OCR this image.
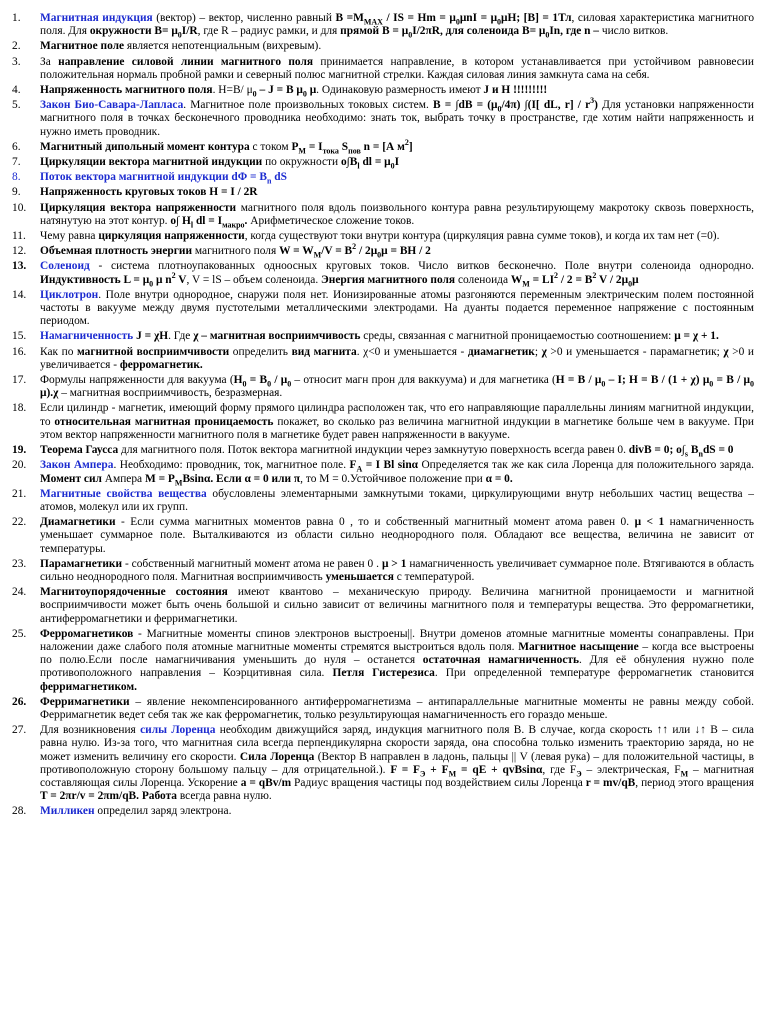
1.	Магнитная индукция (вектор) – вектор, численно равный $B =M_{MAX}$ / IS = $Hm = \mu_0\mu nI = \mu_0\mu H$; [B] = 1Тл, силовая характеристика магнитного поля. Для окружности $B= \mu_0I/R$, где R – радиус рамки, и для прямой $B = \mu_0I/2\pi R$, для соленоида $B= \mu_0In$, где n – число витков.
2.	Магнитное поле является непотенциальным (вихревым).
3.	За направление силовой линии магнитного поля принимается направление, в котором устанавливается при устойчивом равновесии положительная нормаль пробной рамки и северный полюс магнитной стрелки. Каждая силовая линия замкнута сама на себя.
4.	Напряженность магнитного поля. H=B/ $\mu_0 - J = B$ $\mu_0$ μ. Одинаковую размерность имеют J и H !!!!!!!!!
5.	Закон Био-Савара-Лапласа. Магнитное поле произвольных токовых систем. $B = \int dB = (\mu_0/4\pi)$ ∫(I[ dL, $r] / r^3$) Для установки напряженности магнитного поля в точках бесконечного проводника необходимо: знать ток, выбрать точку в пространстве, где хотим найти напряженность и нужно иметь проводник.
6.	Магнитный дипольный момент контура с током $P_M = I_{тока}$ $S_{пов}$ n = [А $м^2$]
7.	Циркуляции вектора магнитной индукции по окружности $o\int B_l$ dl = $\mu_0I$
8.	Поток вектора магнитной индукции $d\Phi = B_n$ dS
9.	Напряженность круговых токов H = I / 2R
10.	Циркуляция вектора напряженности магнитного поля вдоль поизвольного контура равна результирующему макротоку сквозь поверхность, натянутую на этот контур. o∫ $H_l$ dl = $I_{макро}$. Арифметическое сложение токов.
11.	Чему равна циркуляция напряженности, когда существуют токи внутри контура (циркуляция равна сумме токов), и когда их там нет (=0).
12.	Объемная плотность энергии магнитного поля $W = W_M/V = B^2 / 2\mu_0\mu$ = BH / 2
13.	Соленоид - система плотноупакованных одноосных круговых токов. Число витков бесконечно. Поле внутри соленоида однородно. Индуктивность $L = \mu_0$ μ $n^2$ V, V = lS – объем соленоида. Энергия магнитного поля соленоида $W_M = LI^2 / 2 = B^2$ V / $2\mu_0\mu$
14.	Циклотрон. Поле внутри однородное, снаружи поля нет. Ионизированные атомы разгоняются переменным электрическим полем постоянной частоты в вакууме между двумя пустотелыми металлическими электродами. На дуанты подается переменное напряжение с постоянным периодом.
15.	Намагниченность J = χH. Где χ – магнитная восприимчивость среды, связанная с магнитной проницаемостью соотношением: μ = χ + 1.
16.	Как по магнитной восприимчивости определить вид магнита. χ<0 и уменьшается - диамагнетик; χ >0 и уменьшается - парамагнетик; χ >0 и увеличивается - ферромагнетик.
17.	Формулы напряженности для вакуума ($H_0 = B_0 / \mu_0$ – относит магн прон для ваккуума) и для магнетика ($H = B / \mu_0 - I$; H = B / (1 + χ) $\mu_0 = B / \mu_0$ μ).χ – магнитная восприимчивость, безразмерная.
18.	Если цилиндр - магнетик, имеющий форму прямого цилиндра расположен так, что его направляющие параллельны линиям магнитной индукции, то относительная магнитная проницаемость покажет, во сколько раз величина магнитной индукции в магнетике больше чем в вакууме. При этом вектор напряженности магнитного поля в магнетике будет равен напряженности в вакууме.
19.	Теорема Гаусса для магнитного поля. Поток вектора магнитной индукции через замкнутую поверхность всегда равен 0. divB = 0; $o\int_s$ $B_ndS = 0$
20.	Закон Ампера. Необходимо: проводник, ток, магнитное поле. $F_A = I$ Bl sinα Определяется так же как сила Лоренца для положительного заряда. Момент сил Ампера $M = P_MBsin\alpha$. Если α = 0 или π, то M = 0.Устойчивое положение при α = 0.
21.	Магнитные свойства вещества обусловлены элементарными замкнутыми токами, циркулирующими внутр небольших частиц вещества – атомов, молекул или их групп.
22.	Диамагнетики - Если сумма магнитных моментов равна 0 , то и собственный магнитный момент атома равен 0. μ < 1 намагниченность уменьшает суммарное поле. Выталкиваются из области сильно неоднородного поля. Обладают все вещества, величина не зависит от температуры.
23.	Парамагнетики - собственный магнитный момент атома не равен 0 . μ > 1 намагниченность увеличивает суммарное поле. Втягиваются в область сильно неоднородного поля. Магнитная восприимчивость уменьшается с температурой.
24.	Магнитоупорядоченные состояния имеют квантово – механическую природу. Величина магнитной проницаемости и магнитной восприимчивости может быть очень большой и сильно зависит от величины магнитного поля и температуры вещества. Это ферромагнетики, антиферромагнетики и ферримагнетики.
25.	Ферромагнетиков - Магнитные моменты спинов электронов выстроены||. Внутри доменов атомные магнитные моменты сонаправлены. При наложении даже слабого поля атомные магнитные моменты стремятся выстроиться вдоль поля. Магнитное насыщение – когда все выстроены по полю.Если после намагничивания уменьшить до нуля – останется остаточная намагниченность. Для её обнуления нужно поле противоположного направления – Коэрцитивная сила. Петля Гистерезиса. При определенной температуре ферромагнетик становится ферримагнетиком.
26.	Ферримагнетики – явление некомпенсированного антиферромагнетизма – антипараллельные магнитные моменты не равны между собой. Ферримагнетик ведет себя так же как ферромагнетик, только результирующая намагниченность его гораздо меньше.
27.	Для возникновения силы Лоренца необходим движущийся заряд, индукция магнитного поля B. В случае, когда скорость ↑↑ или ↓↑ B – сила равна нулю. Из-за того, что магнитная сила всегда перпендикулярна скорости заряда, она способна только изменить траекторию заряда, но не может изменить величину его скорости. Сила Лоренца (Вектор B направлен в ладонь, пальцы || V (левая рука) – для положительной частицы, в противоположную сторону большому пальцу – для отрицательной.). $F = F_Э + F_M$ = qE + qvBsinα, где $F_Э$ – электрическая, $F_M$ – магнитная составляющая силы Лоренца. Ускорение a = qBv/m Радиус вращения частицы под воздействием силы Лоренца r = mv/qB, период этого вращения T = 2πr/v = 2πm/qB. Работа всегда равна нулю.
28.	Милликен определил заряд электрона.
